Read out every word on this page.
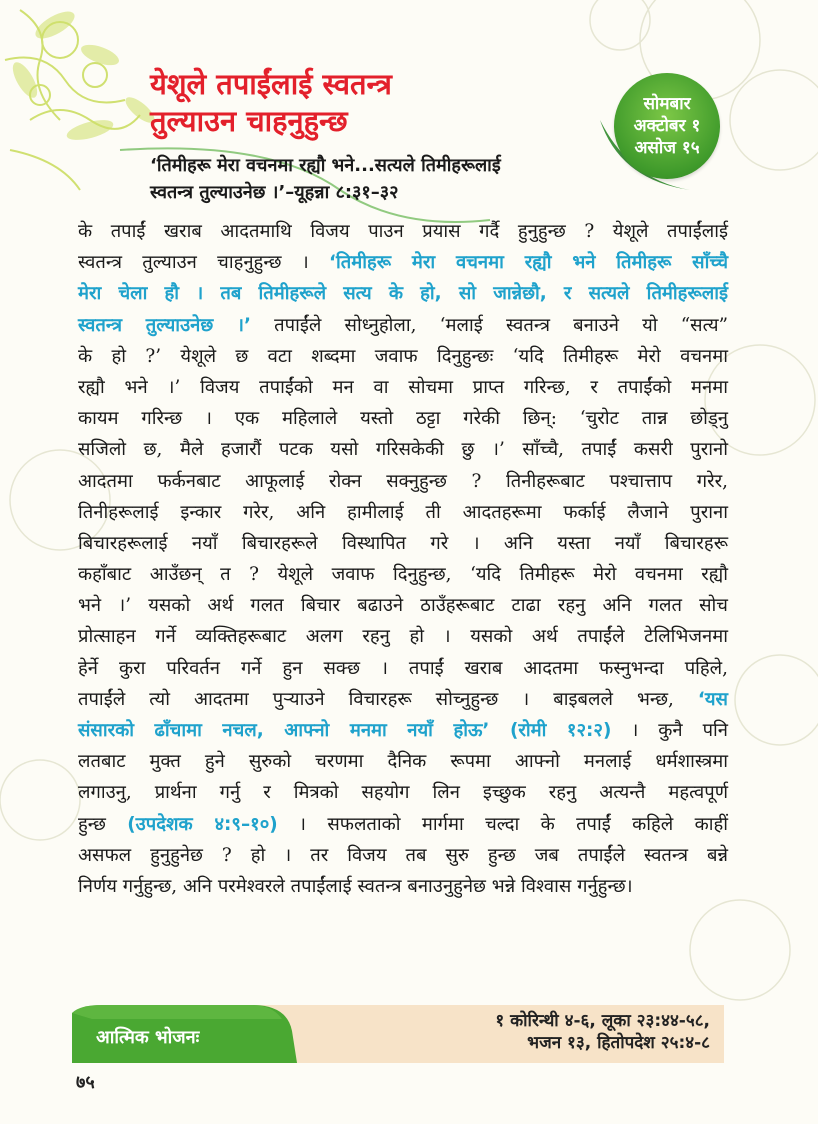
येशूले तपाईंलाई स्वतन्त्र
तुल्याउन चाहनुहुन्छ	सोमबार
अक्टोबर १
असोज १५
‘तिमीहरू मेरा वचनमा रह्यौ भने...सत्यले तिमीहरूलाई
स्वतन्त्र तुल्याउनेछ ।’–यूहन्ना ८:३१–३२
के तपाईं खराब आदतमाथि विजय पाउन प्रयास गर्दै हुनुहुन्छ ? येशूले तपाईंलाई
स्वतन्त्र तुल्याउन चाहनुहुन्छ । ‘तिमीहरू मेरा वचनमा रह्यौ भने तिमीहरू साँच्चै
मेरा चेला हौ । तब तिमीहरूले सत्य के हो, सो जान्नेछौ, र सत्यले तिमीहरूलाई
स्वतन्त्र तुल्याउनेछ ।’ तपाईंले सोध्नुहोला, ‘मलाई स्वतन्त्र बनाउने यो “सत्य”
के हो ?’ येशूले छ वटा शब्दमा जवाफ दिनुहुन्छः ‘यदि तिमीहरू मेरो वचनमा
रह्यौ भने ।’ विजय तपाईंको मन वा सोचमा प्राप्त गरिन्छ, र तपाईंको मनमा
कायम गरिन्छ । एक महिलाले यस्तो ठट्टा गरेकी छिन्: ‘चुरोट तान्न छोड्नु
सजिलो छ, मैले हजारौं पटक यसो गरिसकेकी छु ।’ साँच्चै, तपाईं कसरी पुरानो
आदतमा फर्कनबाट आफूलाई रोक्न सक्नुहुन्छ ? तिनीहरूबाट पश्चात्ताप गरेर,
तिनीहरूलाई इन्कार गरेर, अनि हामीलाई ती आदतहरूमा फर्काई लैजाने पुराना
बिचारहरूलाई नयाँ बिचारहरूले विस्थापित गरे । अनि यस्ता नयाँ बिचारहरू
कहाँबाट आउँछन् त ? येशूले जवाफ दिनुहुन्छ, ‘यदि तिमीहरू मेरो वचनमा रह्यौ
भने ।’ यसको अर्थ गलत बिचार बढाउने ठाउँहरूबाट टाढा रहनु अनि गलत सोच
प्रोत्साहन गर्ने व्यक्तिहरूबाट अलग रहनु हो । यसको अर्थ तपाईंले टेलिभिजनमा
हेर्ने कुरा परिवर्तन गर्ने हुन सक्छ । तपाईं खराब आदतमा फस्नुभन्दा पहिले,
तपाईंले त्यो आदतमा पुर्‍याउने विचारहरू सोच्नुहुन्छ । बाइबलले भन्छ, ‘यस
संसारको ढाँचामा नचल, आफ्नो मनमा नयाँ होऊ’ (रोमी १२:२) । कुनै पनि
लतबाट मुक्त हुने सुरुको चरणमा दैनिक रूपमा आफ्नो मनलाई धर्मशास्त्रमा
लगाउनु, प्रार्थना गर्नु र मित्रको सहयोग लिन इच्छुक रहनु अत्यन्तै महत्वपूर्ण
हुन्छ (उपदेशक ४:९–१०) । सफलताको मार्गमा चल्दा के तपाईं कहिले काहीं
असफल हुनुहुनेछ ? हो । तर विजय तब सुरु हुन्छ जब तपाईंले स्वतन्त्र बन्ने
निर्णय गर्नुहुन्छ, अनि परमेश्वरले तपाईंलाई स्वतन्त्र बनाउनुहुनेछ भन्ने विश्वास गर्नुहुन्छ।
आत्मिक भोजनः
१ कोरिन्थी ४-६, लूका २३:४४-५८,
भजन १३, हितोपदेश २५:४-८
७५
